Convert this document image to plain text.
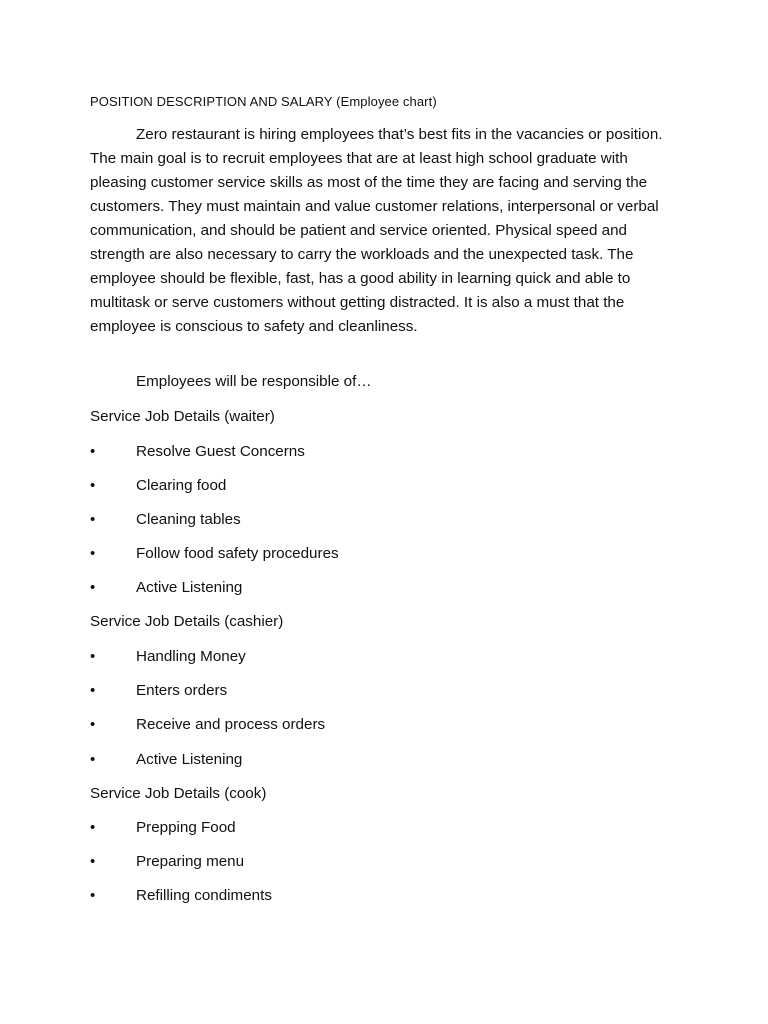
POSITION DESCRIPTION AND SALARY (Employee chart)

Zero restaurant is hiring employees that’s best fits in the vacancies or position. The main goal is to recruit employees that are at least high school graduate with pleasing customer service skills as most of the time they are facing and serving the customers. They must maintain and value customer relations, interpersonal or verbal communication, and should be patient and service oriented. Physical speed and strength are also necessary to carry the workloads and the unexpected task. The employee should be flexible, fast, has a good ability in learning quick and able to multitask or serve customers without getting distracted. It is also a must that the employee is conscious to safety and cleanliness.

Employees will be responsible of…
Service Job Details (waiter)
•	Resolve Guest Concerns
•	Clearing food
•	Cleaning tables
•	Follow food safety procedures
•	Active Listening
Service Job Details (cashier)
•	Handling Money
•	Enters orders
•	Receive and process orders
•	Active Listening
Service Job Details (cook)
•	Prepping Food
•	Preparing menu
•	Refilling condiments
